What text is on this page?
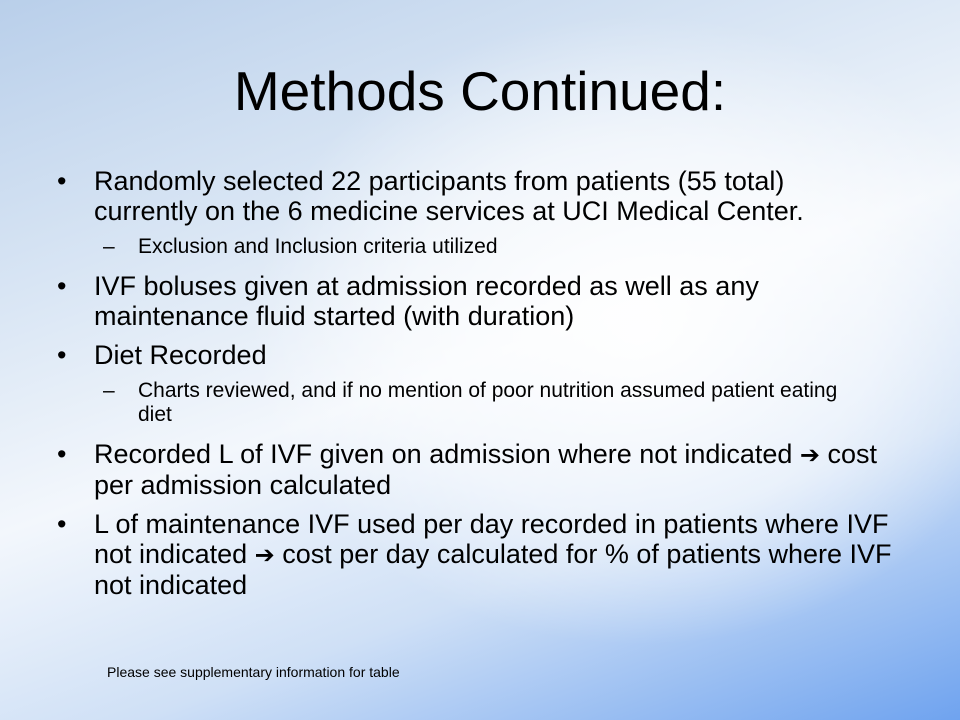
Methods Continued:
• Randomly selected 22 participants from patients (55 total) currently on the 6 medicine services at UCI Medical Center.
– Exclusion and Inclusion criteria utilized
• IVF boluses given at admission recorded as well as any maintenance fluid started (with duration)
• Diet Recorded
– Charts reviewed, and if no mention of poor nutrition assumed patient eating diet
• Recorded L of IVF given on admission where not indicated ➔ cost per admission calculated
• L of maintenance IVF used per day recorded in patients where IVF not indicated ➔ cost per day calculated for % of patients where IVF not indicated
Please see supplementary information for table
